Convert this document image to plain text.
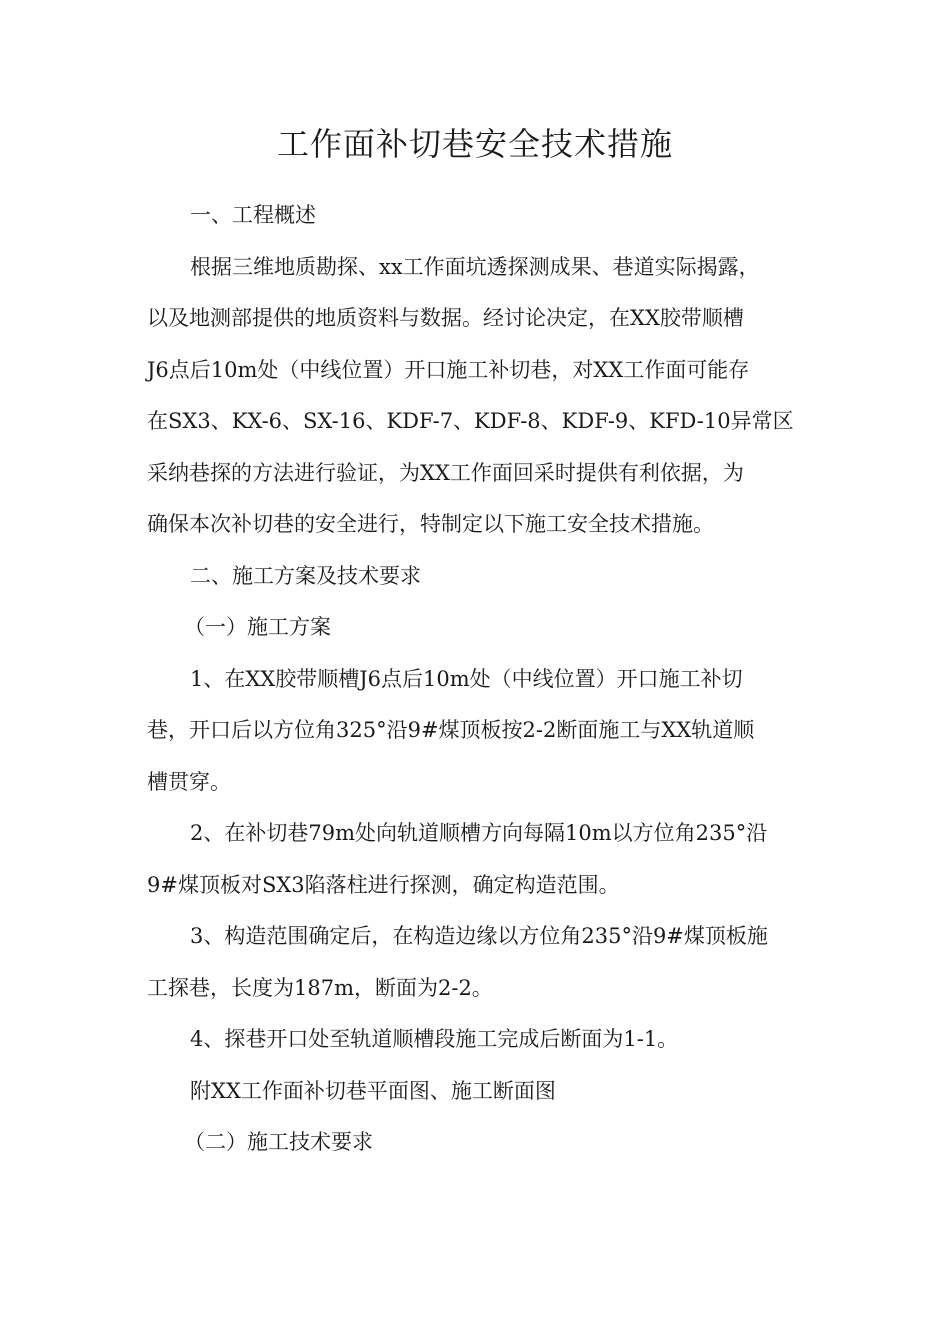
工作面补切巷安全技术措施
一、工程概述
根据三维地质勘探、xx工作面坑透探测成果、巷道实际揭露，
以及地测部提供的地质资料与数据。经讨论决定，在XX胶带顺槽
J6点后10m处（中线位置）开口施工补切巷，对XX工作面可能存
在SX3、KX-6、SX-16、KDF-7、KDF-8、KDF-9、KFD-10异常区
采纳巷探的方法进行验证，为XX工作面回采时提供有利依据，为
确保本次补切巷的安全进行，特制定以下施工安全技术措施。
二、施工方案及技术要求
（一）施工方案
1、在XX胶带顺槽J6点后10m处（中线位置）开口施工补切
巷，开口后以方位角325°沿9#煤顶板按2-2断面施工与XX轨道顺
槽贯穿。
2、在补切巷79m处向轨道顺槽方向每隔10m以方位角235°沿
9#煤顶板对SX3陷落柱进行探测，确定构造范围。
3、构造范围确定后，在构造边缘以方位角235°沿9#煤顶板施
工探巷，长度为187m，断面为2-2。
4、探巷开口处至轨道顺槽段施工完成后断面为1-1。
附XX工作面补切巷平面图、施工断面图
（二）施工技术要求
